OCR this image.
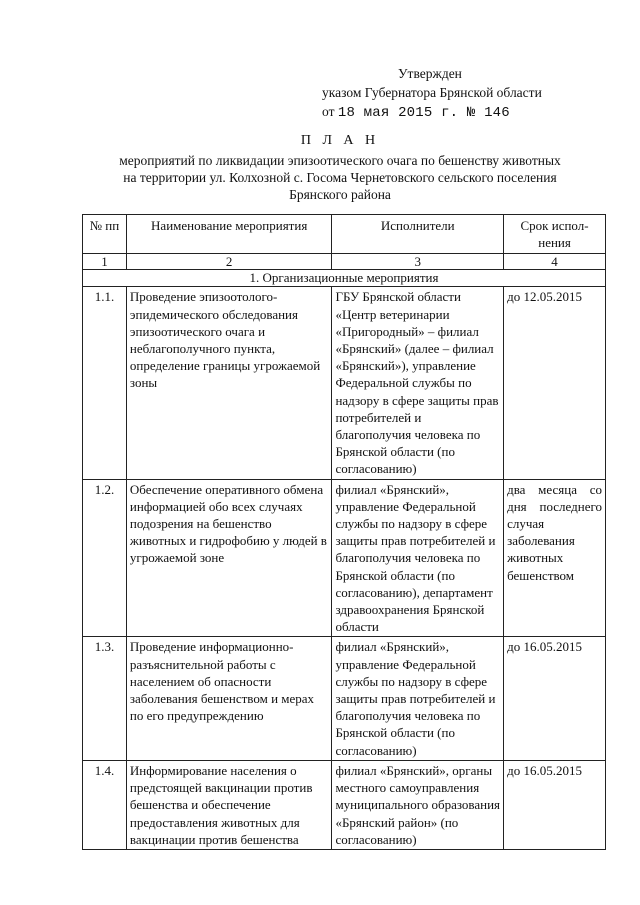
Утвержден
указом Губернатора Брянской области
от 18 мая 2015 г. № 146
П Л А Н
мероприятий по ликвидации эпизоотического очага по бешенству животных
на территории ул. Колхозной с. Госома Чернетовского сельского поселения
Брянского района
№ пп	Наименование мероприятия	Исполнители	Срок испол- нения
1	2	3	4
1. Организационные мероприятия			
1.1.	Проведение эпизоотолого-эпидемического обследования эпизоотического очага и неблагополучного пункта, определение границы угрожаемой зоны	ГБУ Брянской области «Центр ветеринарии «Пригородный» – филиал «Брянский» (далее – филиал «Брянский»), управление Федеральной службы по надзору в сфере защиты прав потребителей и благополучия человека по Брянской области (по согласованию)	до 12.05.2015
1.2.	Обеспечение оперативного обмена информацией обо всех случаях подозрения на бешенство животных и гидрофобию у людей в угрожаемой зоне	филиал «Брянский», управление Федеральной службы по надзору в сфере защиты прав потребителей и благополучия человека по Брянской области (по согласованию), департамент здравоохранения Брянской области	два месяца со дня последнего случая заболевания животных бешенством
1.3.	Проведение информационно-разъяснительной работы с населением об опасности заболевания бешенством и мерах по его предупреждению	филиал «Брянский», управление Федеральной службы по надзору в сфере защиты прав потребителей и благополучия человека по Брянской области (по согласованию)	до 16.05.2015
1.4.	Информирование населения о предстоящей вакцинации против бешенства и обеспечение предоставления животных для вакцинации против бешенства	филиал «Брянский», органы местного самоуправления муниципального образования «Брянский район» (по согласованию)	до 16.05.2015
